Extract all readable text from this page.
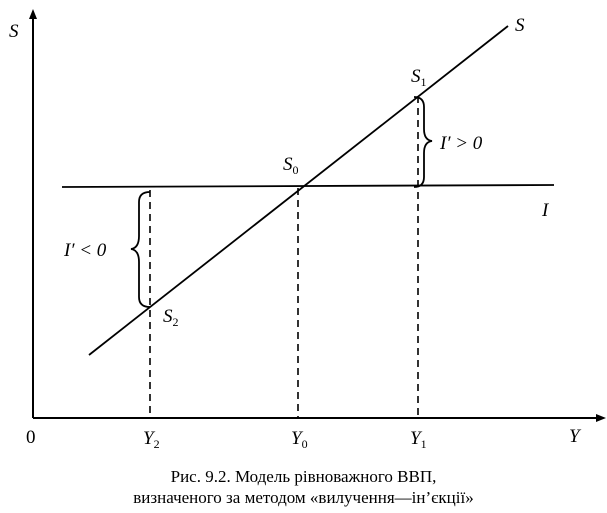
S
Y
0
S
I
$S_1$
$S_0$
$S_2$
I′ > 0
I′ < 0
$Y_2$	$Y_0$	$Y_1$
Рис. 9.2. Модель рівноважного ВВП,
визначеного за методом «вилучення—ін’єкції»
